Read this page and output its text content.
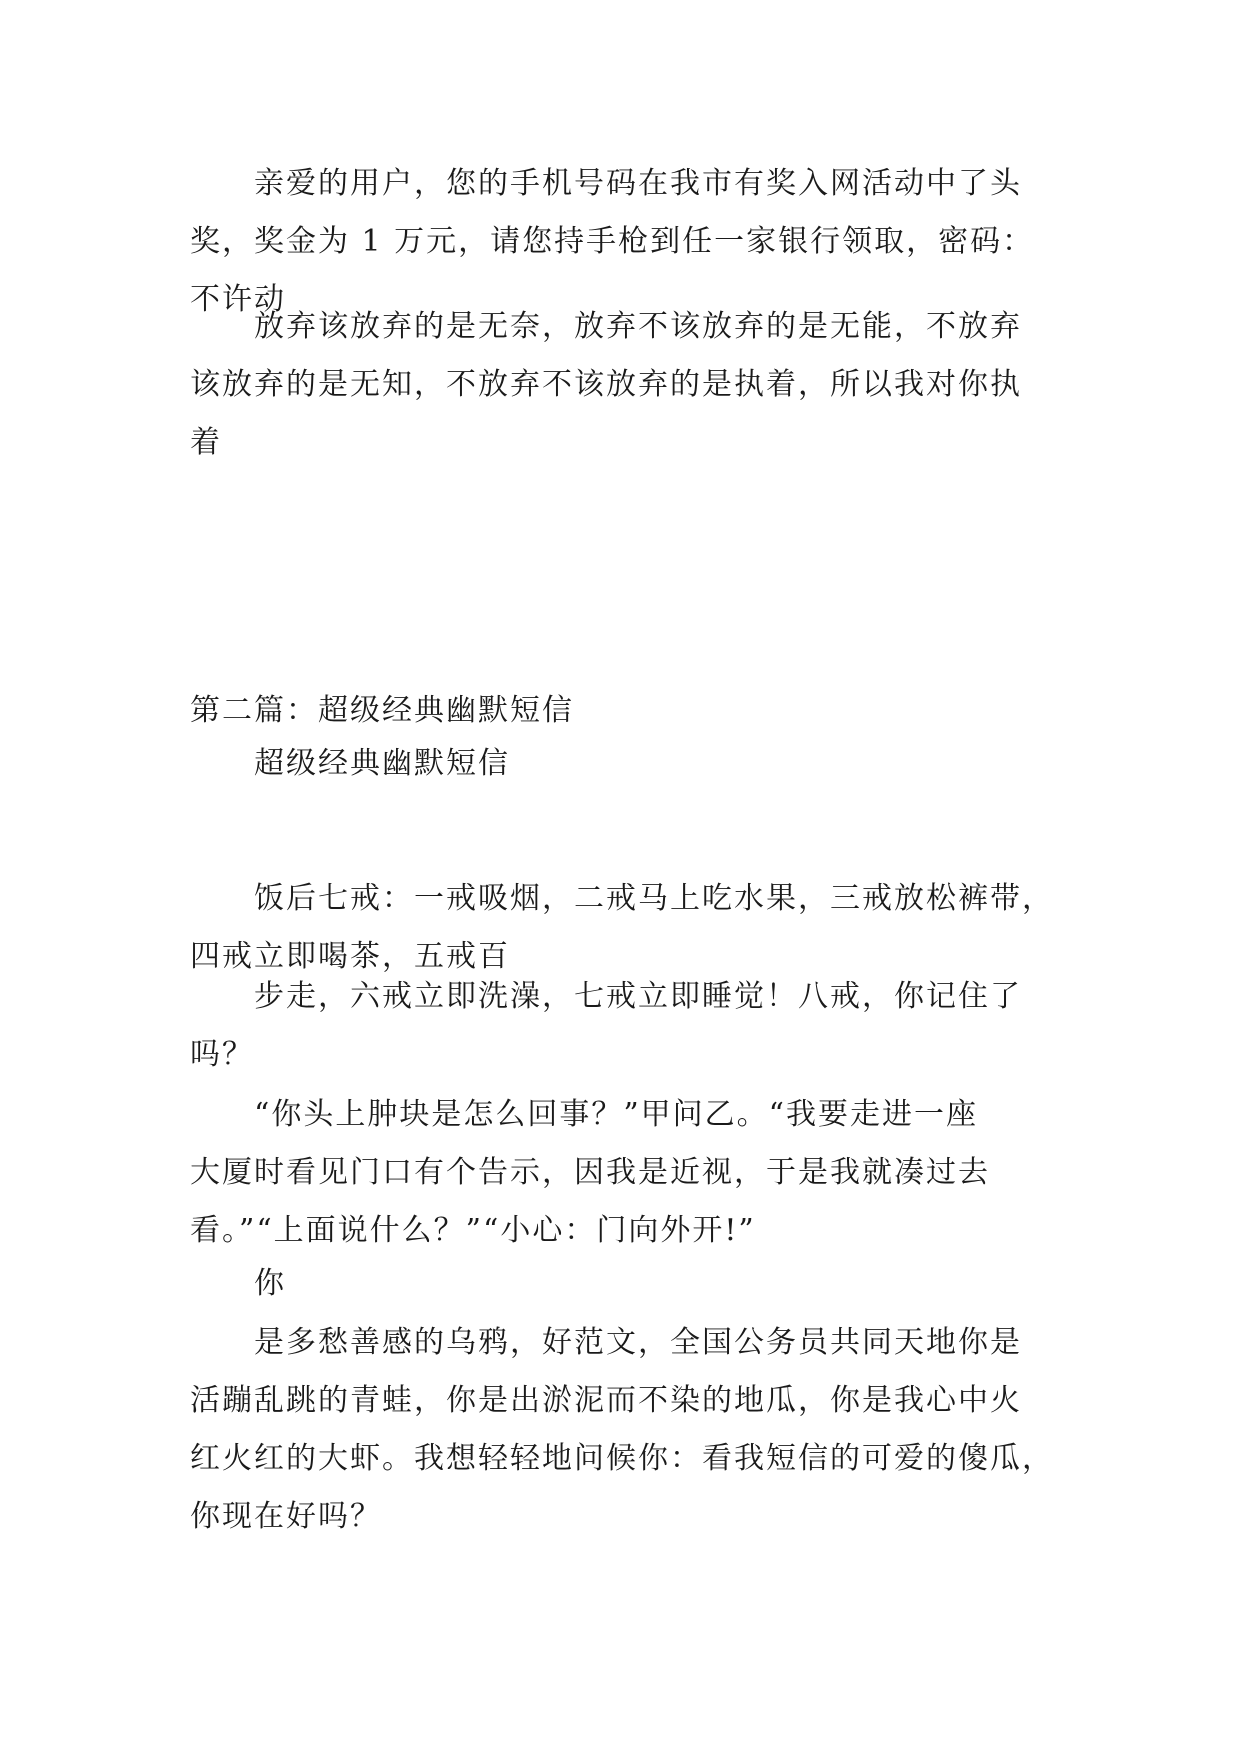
亲爱的用户，您的手机号码在我市有奖入网活动中了头
奖，奖金为 1 万元，请您持手枪到任一家银行领取，密码：
不许动
放弃该放弃的是无奈，放弃不该放弃的是无能，不放弃
该放弃的是无知，不放弃不该放弃的是执着，所以我对你执
着
第二篇：超级经典幽默短信
超级经典幽默短信
饭后七戒：一戒吸烟，二戒马上吃水果，三戒放松裤带，
四戒立即喝茶，五戒百
步走，六戒立即洗澡，七戒立即睡觉！八戒，你记住了
吗？
“你头上肿块是怎么回事？”甲问乙。“我要走进一座
大厦时看见门口有个告示，因我是近视，于是我就凑过去
看。”“上面说什么？”“小心：门向外开!”
你
是多愁善感的乌鸦，好范文，全国公务员共同天地你是
活蹦乱跳的青蛙，你是出淤泥而不染的地瓜，你是我心中火
红火红的大虾。我想轻轻地问候你：看我短信的可爱的傻瓜，
你现在好吗？
